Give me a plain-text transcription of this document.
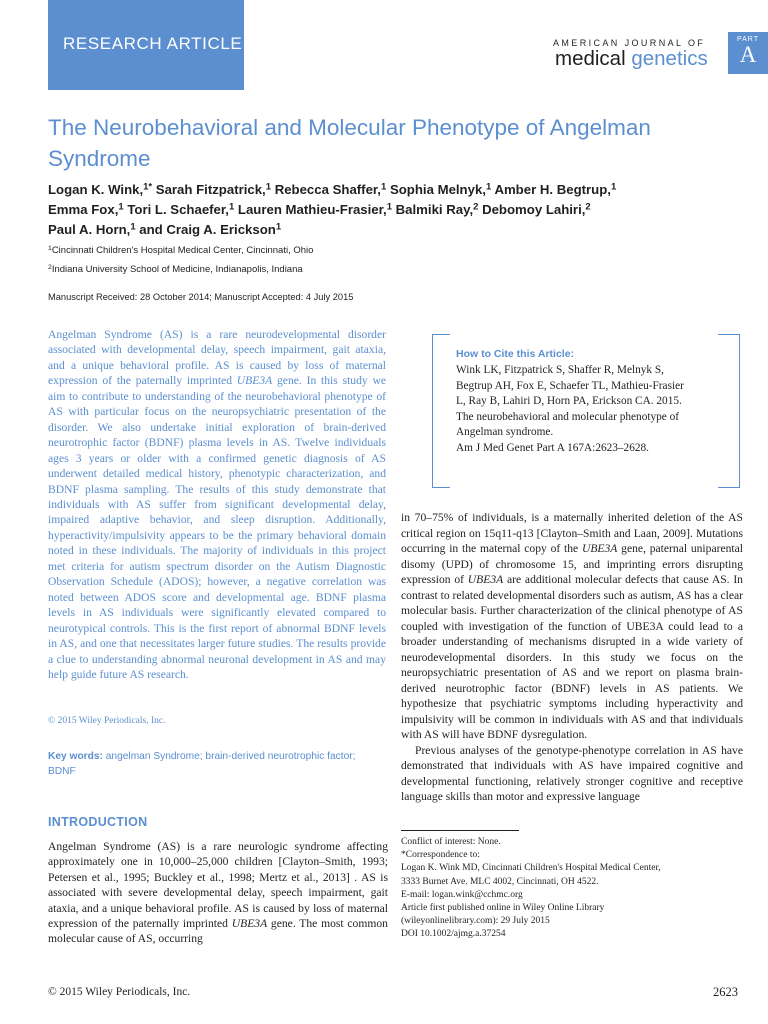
RESEARCH ARTICLE	AMERICAN JOURNAL OF
medical genetics
PART
A
The Neurobehavioral and Molecular Phenotype of Angelman Syndrome
Logan K. Wink,$^{1*}$ Sarah Fitzpatrick,$^1$ Rebecca Shaffer,$^1$ Sophia Melnyk,$^1$ Amber H. Begtrup,$^1$
Emma Fox,$^1$ Tori L. Schaefer,$^1$ Lauren Mathieu-Frasier,$^1$ Balmiki Ray,$^2$ Debomoy Lahiri,$^2$
Paul A. Horn,$^1$ and Craig A. Erickson$^1$
$^1$Cincinnati Children's Hospital Medical Center, Cincinnati, Ohio
$^2$Indiana University School of Medicine, Indianapolis, Indiana
Manuscript Received: 28 October 2014; Manuscript Accepted: 4 July 2015

Angelman Syndrome (AS) is a rare neurodevelopmental disorder associated with developmental delay, speech impairment, gait ataxia, and a unique behavioral profile. AS is caused by loss of maternal expression of the paternally imprinted UBE3A gene. In this study we aim to contribute to understanding of the neurobehavioral phenotype of AS with particular focus on the neuropsychiatric presentation of the disorder. We also undertake initial exploration of brain-derived neurotrophic factor (BDNF) plasma levels in AS. Twelve individuals ages 3 years or older with a confirmed genetic diagnosis of AS underwent detailed medical history, phenotypic characterization, and BDNF plasma sampling. The results of this study demonstrate that individuals with AS suffer from significant developmental delay, impaired adaptive behavior, and sleep disruption. Additionally, hyperactivity/impulsivity appears to be the primary behavioral domain noted in these individuals. The majority of individuals in this project met criteria for autism spectrum disorder on the Autism Diagnostic Observation Schedule (ADOS); however, a negative correlation was noted between ADOS score and developmental age. BDNF plasma levels in AS individuals were significantly elevated compared to neurotypical controls. This is the first report of abnormal BDNF levels in AS, and one that necessitates larger future studies. The results provide a clue to understanding abnormal neuronal development in AS and may help guide future AS research.

© 2015 Wiley Periodicals, Inc.

Key words: angelman Syndrome; brain-derived neurotrophic factor; BDNF

INTRODUCTION

Angelman Syndrome (AS) is a rare neurologic syndrome affecting approximately one in 10,000–25,000 children [Clayton–Smith, 1993; Petersen et al., 1995; Buckley et al., 1998; Mertz et al., 2013] . AS is associated with severe developmental delay, speech impairment, gait ataxia, and a unique behavioral profile. AS is caused by loss of maternal expression of the paternally imprinted UBE3A gene. The most common molecular cause of AS, occurring

How to Cite this Article:

Wink LK, Fitzpatrick S, Shaffer R, Melnyk S, Begtrup AH, Fox E, Schaefer TL, Mathieu-Frasier L, Ray B, Lahiri D, Horn PA, Erickson CA. 2015. The neurobehavioral and molecular phenotype of Angelman syndrome.
Am J Med Genet Part A 167A:2623–2628.

in 70–75% of individuals, is a maternally inherited deletion of the AS critical region on 15q11-q13 [Clayton–Smith and Laan, 2009]. Mutations occurring in the maternal copy of the UBE3A gene, paternal uniparental disomy (UPD) of chromosome 15, and imprinting errors disrupting expression of UBE3A are additional molecular defects that cause AS. In contrast to related developmental disorders such as autism, AS has a clear molecular basis. Further characterization of the clinical phenotype of AS coupled with investigation of the function of UBE3A could lead to a broader understanding of mechanisms disrupted in a wide variety of neurodevelopmental disorders. In this study we focus on the neuropsychiatric presentation of AS and we report on plasma brain-derived neurotrophic factor (BDNF) levels in AS patients. We hypothesize that psychiatric symptoms including hyperactivity and impulsivity will be common in individuals with AS and that individuals with AS will have BDNF dysregulation.

Previous analyses of the genotype-phenotype correlation in AS have demonstrated that individuals with AS have impaired cognitive and developmental functioning, relatively stronger cognitive and receptive language skills than motor and expressive language

Conflict of interest: None.
*Correspondence to:
Logan K. Wink MD, Cincinnati Children's Hospital Medical Center,
3333 Burnet Ave. MLC 4002, Cincinnati, OH 4522.
E-mail: logan.wink@cchmc.org
Article first published online in Wiley Online Library
(wileyonlinelibrary.com): 29 July 2015
DOI 10.1002/ajmg.a.37254
© 2015 Wiley Periodicals, Inc.	2623
